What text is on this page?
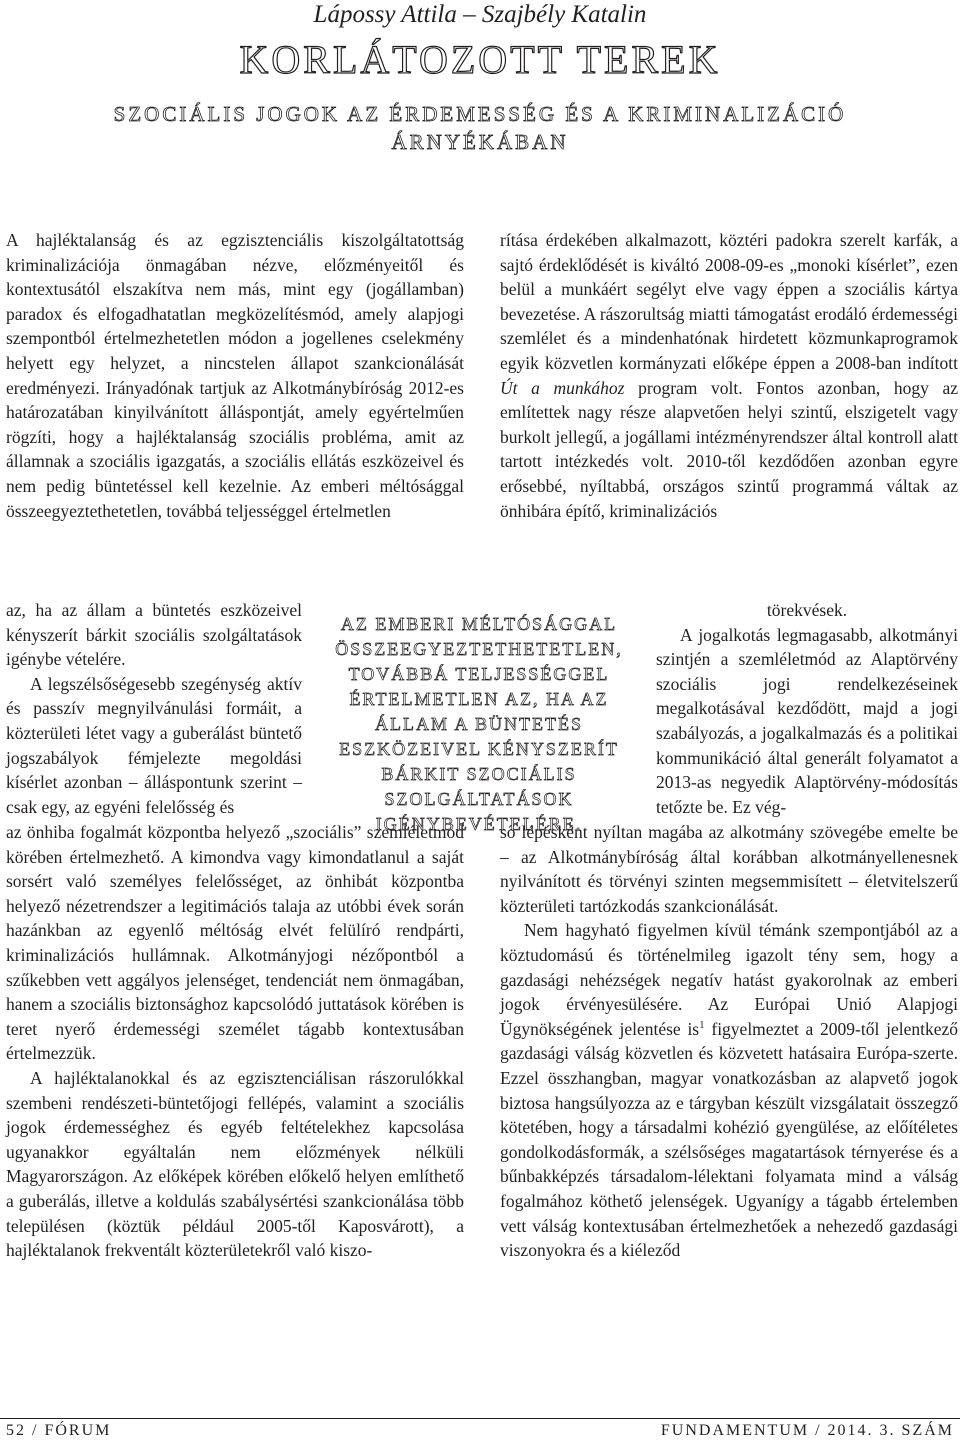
Lápossy Attila – Szajbély Katalin
KORLÁTOZOTT TEREK
SZOCIÁLIS JOGOK AZ ÉRDEMESSÉG ÉS A KRIMINALIZÁCIÓ ÁRNYÉKÁBAN

A hajléktalanság és az egzisztenciális kiszolgáltatottság kriminalizációja önmagában nézve, előzményeitől és kontextusától elszakítva nem más, mint egy (jogállamban) paradox és elfogadhatatlan megközelítésmód, amely alapjogi szempontból értelmezhetetlen módon a jogellenes cselekmény helyett egy helyzet, a nincstelen állapot szankcionálását eredményezi. Irányadónak tartjuk az Alkotmánybíróság 2012-es határozatában kinyilvánított álláspontját, amely egyértelműen rögzíti, hogy a hajléktalanság szociális probléma, amit az államnak a szociális igazgatás, a szociális ellátás eszközeivel és nem pedig büntetéssel kell kezelnie. Az emberi méltósággal összeegyeztethetetlen, továbbá teljességgel értelmetlen

az, ha az állam a büntetés eszközeivel kényszerít bárkit szociális szolgáltatások igénybe vételére.

A legszélsőségesebb szegénység aktív és passzív megnyilvánulási formáit, a közterületi létet vagy a guberálást büntető jogszabályok fémjelezte megoldási kísérlet azonban – álláspontunk szerint – csak egy, az egyéni felelősség és

az önhiba fogalmát központba helyező „szociális” szemléletmód körében értelmezhető. A kimondva vagy kimondatlanul a saját sorsért való személyes felelősséget, az önhibát központba helyező nézetrendszer a legitimációs talaja az utóbbi évek során hazánkban az egyenlő méltóság elvét felülíró rendpárti, kriminalizációs hullámnak. Alkotmányjogi nézőpontból a szűkebben vett aggályos jelenséget, tendenciát nem önmagában, hanem a szociális biztonsághoz kapcsolódó juttatások körében is teret nyerő érdemességi személet tágabb kontextusában értelmezzük.

A hajléktalanokkal és az egzisztenciálisan rászorulókkal szembeni rendészeti-büntetőjogi fellépés, valamint a szociális jogok érdemességhez és egyéb feltételekhez kapcsolása ugyanakkor egyáltalán nem előzmények nélküli Magyarországon. Az előképek körében előkelő helyen említhető a guberálás, illetve a koldulás szabálysértési szankcionálása több településen (köztük például 2005-től Kaposvárott), a hajléktalanok frekventált közterületekről való kiszo-

rítása érdekében alkalmazott, köztéri padokra szerelt karfák, a sajtó érdeklődését is kiváltó 2008-09-es „monoki kísérlet”, ezen belül a munkáért segélyt elve vagy éppen a szociális kártya bevezetése. A rászorultság miatti támogatást erodáló érdemességi szemlélet és a mindenhatónak hirdetett közmunkaprogramok egyik közvetlen kormányzati előképe éppen a 2008-ban indított Út a munkához program volt. Fontos azonban, hogy az említettek nagy része alapvetően helyi szintű, elszigetelt vagy burkolt jellegű, a jogállami intézményrendszer által kontroll alatt tartott intézkedés volt. 2010-től kezdődően azonban egyre erősebbé, nyíltabbá, országos szintű programmá váltak az önhibára építő, kriminalizációs

törekvések.

A jogalkotás legmagasabb, alkotmányi szintjén a szemléletmód az Alaptörvény szociális jogi rendelkezéseinek megalkotásával kezdődött, majd a jogi szabályozás, a jogalkalmazás és a politikai kommunikáció által generált folyamatot a 2013-as negyedik Alaptörvény-módosítás tetőzte be. Ez vég-

ső lépésként nyíltan magába az alkotmány szövegébe emelte be – az Alkotmánybíróság által korábban alkotmányellenesnek nyilvánított és törvényi szinten megsemmisített – életvitelszerű közterületi tartózkodás szankcionálását.

Nem hagyható figyelmen kívül témánk szempontjából az a köztudomású és történelmileg igazolt tény sem, hogy a gazdasági nehézségek negatív hatást gyakorolnak az emberi jogok érvényesülésére. Az Európai Unió Alapjogi Ügynökségének jelentése $is^1$ figyelmeztet a 2009-től jelentkező gazdasági válság közvetlen és közvetett hatásaira Európa-szerte. Ezzel összhangban, magyar vonatkozásban az alapvető jogok biztosa hangsúlyozza az e tárgyban készült vizsgálatait összegző kötetében, hogy a társadalmi kohézió gyengülése, az előítéletes gondolkodásformák, a szélsőséges magatartások térnyerése és a bűnbakképzés társadalom-lélektani folyamata mind a válság fogalmához köthető jelenségek. Ugyanígy a tágabb értelemben vett válság kontextusában értelmezhetőek a nehezedő gazdasági viszonyokra és a kiéleződ

AZ EMBERI MÉLTÓSÁGGAL ÖSSZEEGYEZTETHETETLEN, TOVÁBBÁ TELJESSÉGGEL ÉRTELMETLEN AZ, HA AZ ÁLLAM A BÜNTETÉS ESZKÖZEIVEL KÉNYSZERÍT BÁRKIT SZOCIÁLIS SZOLGÁLTATÁSOK IGÉNYBEVÉTELÉRE.
52 / FÓRUM	FUNDAMENTUM / 2014. 3. SZÁM
